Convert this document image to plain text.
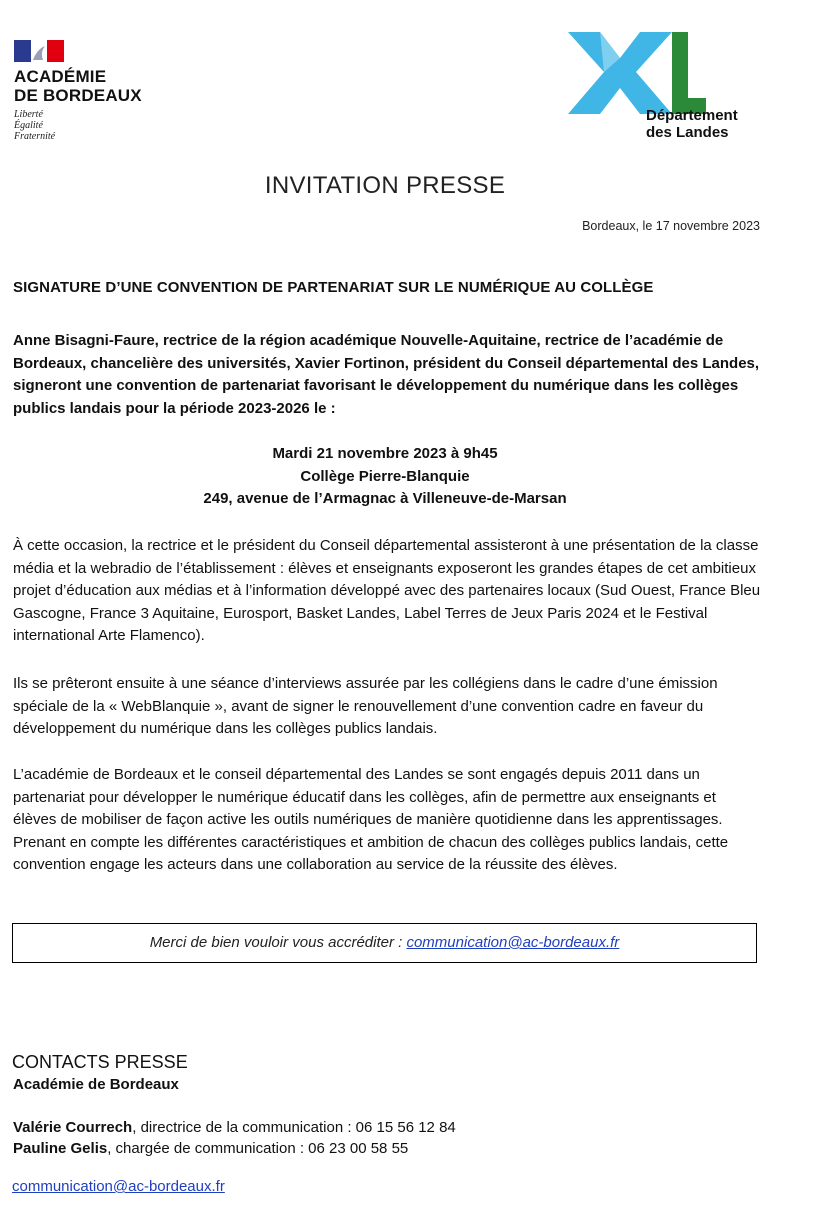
ACADÉMIE
DE BORDEAUX
Liberté
Égalité
Fraternité
Département
des Landes
INVITATION PRESSE
Bordeaux, le 17 novembre 2023
SIGNATURE D’UNE CONVENTION DE PARTENARIAT SUR LE NUMÉRIQUE AU COLLÈGE
Anne Bisagni-Faure, rectrice de la région académique Nouvelle-Aquitaine, rectrice de l’académie de Bordeaux, chancelière des universités, Xavier Fortinon, président du Conseil départemental des Landes, signeront une convention de partenariat favorisant le développement du numérique dans les collèges publics landais pour la période 2023-2026 le :
Mardi 21 novembre 2023 à 9h45
Collège Pierre-Blanquie
249, avenue de l’Armagnac à Villeneuve-de-Marsan
À cette occasion, la rectrice et le président du Conseil départemental assisteront à une présentation de la classe média et la webradio de l’établissement : élèves et enseignants exposeront les grandes étapes de cet ambitieux projet d’éducation aux médias et à l’information développé avec des partenaires locaux (Sud Ouest, France Bleu Gascogne, France 3 Aquitaine, Eurosport, Basket Landes, Label Terres de Jeux Paris 2024 et le Festival international Arte Flamenco).
Ils se prêteront ensuite à une séance d’interviews assurée par les collégiens dans le cadre d’une émission spéciale de la « WebBlanquie », avant de signer le renouvellement d’une convention cadre en faveur du développement du numérique dans les collèges publics landais.
L’académie de Bordeaux et le conseil départemental des Landes se sont engagés depuis 2011 dans un partenariat pour développer le numérique éducatif dans les collèges, afin de permettre aux enseignants et élèves de mobiliser de façon active les outils numériques de manière quotidienne dans les apprentissages. Prenant en compte les différentes caractéristiques et ambition de chacun des collèges publics landais, cette convention engage les acteurs dans une collaboration au service de la réussite des élèves.
Merci de bien vouloir vous accréditer : communication@ac-bordeaux.fr
CONTACTS PRESSE
Académie de Bordeaux
Valérie Courrech, directrice de la communication : 06 15 56 12 84
Pauline Gelis, chargée de communication : 06 23 00 58 55
communication@ac-bordeaux.fr
